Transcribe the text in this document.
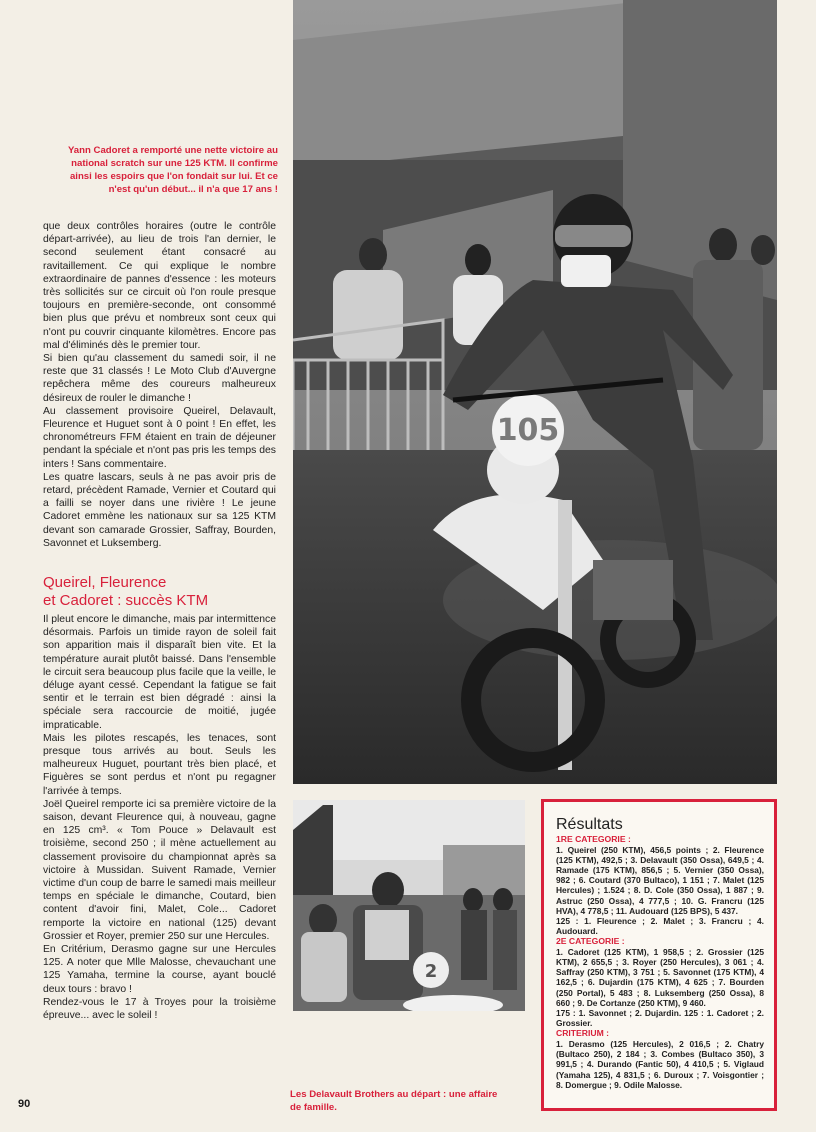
Yann Cadoret a remporté une nette victoire au national scratch sur une 125 KTM. Il confirme ainsi les espoirs que l'on fondait sur lui. Et ce n'est qu'un début... il n'a que 17 ans !

que deux contrôles horaires (outre le contrôle départ-arrivée), au lieu de trois l'an dernier, le second seulement étant consacré au ravitaillement. Ce qui explique le nombre extraordinaire de pannes d'essence : les moteurs très sollicités sur ce circuit où l'on roule presque toujours en première-seconde, ont consommé bien plus que prévu et nombreux sont ceux qui n'ont pu couvrir cinquante kilomètres. Encore pas mal d'éliminés dès le premier tour.

Si bien qu'au classement du samedi soir, il ne reste que 31 classés ! Le Moto Club d'Auvergne repêchera même des coureurs malheureux désireux de rouler le dimanche !

Au classement provisoire Queirel, Delavault, Fleurence et Huguet sont à 0 point ! En effet, les chronométreurs FFM étaient en train de déjeuner pendant la spéciale et n'ont pas pris les temps des inters ! Sans commentaire.

Les quatre lascars, seuls à ne pas avoir pris de retard, précèdent Ramade, Vernier et Coutard qui a failli se noyer dans une rivière ! Le jeune Cadoret emmène les nationaux sur sa 125 KTM devant son camarade Grossier, Saffray, Bourden, Savonnet et Luksemberg.

Queirel, Fleurence
et Cadoret : succès KTM

Il pleut encore le dimanche, mais par intermittence désormais. Parfois un timide rayon de soleil fait son apparition mais il disparaît bien vite. Et la température aurait plutôt baissé. Dans l'ensemble le circuit sera beaucoup plus facile que la veille, le déluge ayant cessé. Cependant la fatigue se fait sentir et le terrain est bien dégradé : ainsi la spéciale sera raccourcie de moitié, jugée impraticable.

Mais les pilotes rescapés, les tenaces, sont presque tous arrivés au bout. Seuls les malheureux Huguet, pourtant très bien placé, et Figuères se sont perdus et n'ont pu regagner l'arrivée à temps.

Joël Queirel remporte ici sa première victoire de la saison, devant Fleurence qui, à nouveau, gagne en 125 cm³. « Tom Pouce » Delavault est troisième, second 250 ; il mène actuellement au classement provisoire du championnat après sa victoire à Mussidan. Suivent Ramade, Vernier victime d'un coup de barre le samedi mais meilleur temps en spéciale le dimanche, Coutard, bien content d'avoir fini, Malet, Cole... Cadoret remporte la victoire en national (125) devant Grossier et Royer, premier 250 sur une Hercules.

En Critérium, Derasmo gagne sur une Hercules 125. A noter que Mlle Malosse, chevauchant une 125 Yamaha, termine la course, ayant bouclé deux tours : bravo !

Rendez-vous le 17 à Troyes pour la troisième épreuve... avec le soleil !

105
2
Les Delavault Brothers au départ : une affaire de famille.
Résultats
1RE CATEGORIE :

1. Queirel (250 KTM), 456,5 points ; 2. Fleurence (125 KTM), 492,5 ; 3. Delavault (350 Ossa), 649,5 ; 4. Ramade (175 KTM), 856,5 ; 5. Vernier (350 Ossa), 982 ; 6. Coutard (370 Bultaco), 1 151 ; 7. Malet (125 Hercules) ; 1.524 ; 8. D. Cole (350 Ossa), 1 887 ; 9. Astruc (250 Ossa), 4 777,5 ; 10. G. Francru (125 HVA), 4 778,5 ; 11. Audouard (125 BPS), 5 437.

125 : 1. Fleurence ; 2. Malet ; 3. Francru ; 4. Audouard.

2E CATEGORIE :

1. Cadoret (125 KTM), 1 958,5 ; 2. Grossier (125 KTM), 2 655,5 ; 3. Royer (250 Hercules), 3 061 ; 4. Saffray (250 KTM), 3 751 ; 5. Savonnet (175 KTM), 4 162,5 ; 6. Dujardin (175 KTM), 4 625 ; 7. Bourden (250 Portal), 5 483 ; 8. Luksemberg (250 Ossa), 8 660 ; 9. De Cortanze (250 KTM), 9 460.

175 : 1. Savonnet ; 2. Dujardin. 125 : 1. Cadoret ; 2. Grossier.

CRITERIUM :

1. Derasmo (125 Hercules), 2 016,5 ; 2. Chatry (Bultaco 250), 2 184 ; 3. Combes (Bultaco 350), 3 991,5 ; 4. Durando (Fantic 50), 4 410,5 ; 5. Viglaud (Yamaha 125), 4 831,5 ; 6. Duroux ; 7. Voisgontier ; 8. Domergue ; 9. Odile Malosse.

90
